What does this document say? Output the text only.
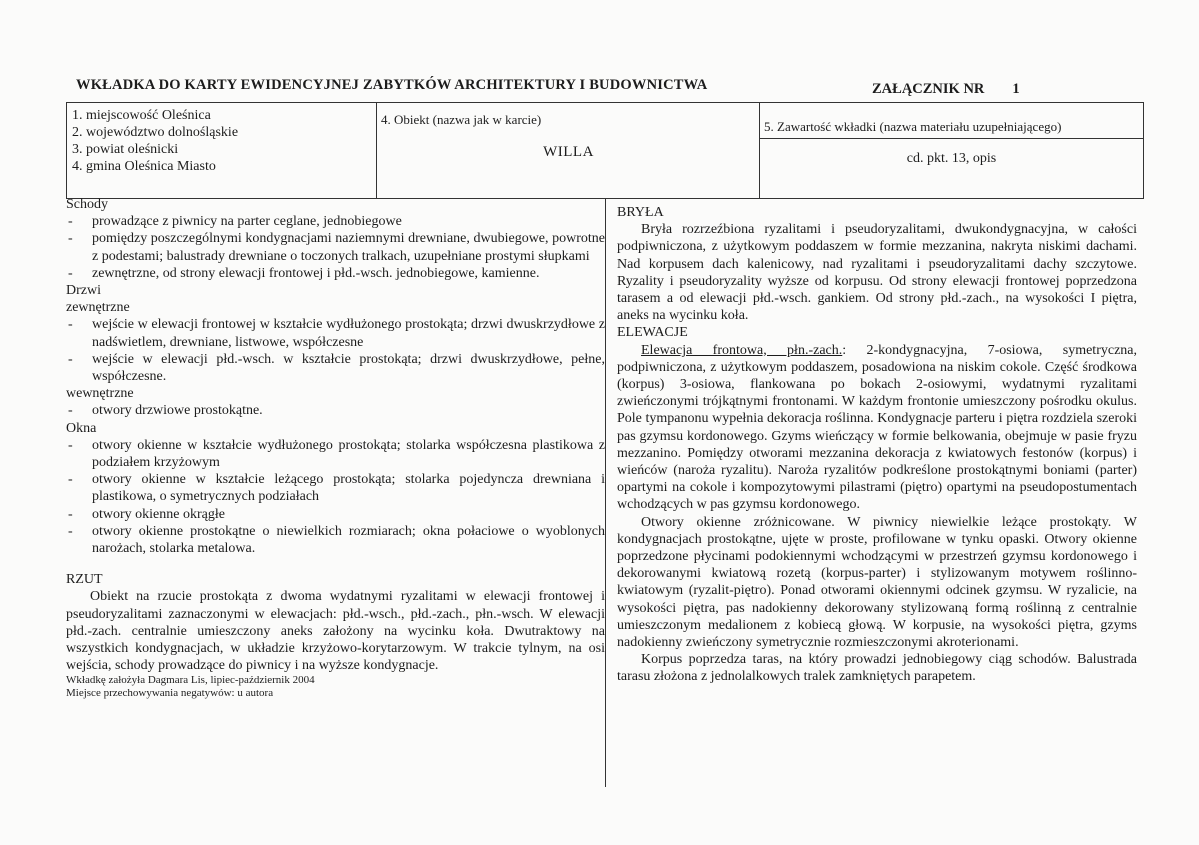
WKŁADKA DO KARTY EWIDENCYJNEJ ZABYTKÓW ARCHITEKTURY I BUDOWNICTWA	ZAŁĄCZNIK NR 1
1. miejscowość Oleśnica
2. województwo dolnośląskie
3. powiat oleśnicki
4. gmina Oleśnica Miasto
4. Obiekt (nazwa jak w karcie)
WILLA
5. Zawartość wkładki (nazwa materiału uzupełniającego)
cd. pkt. 13, opis
Schody
- prowadzące z piwnicy na parter ceglane, jednobiegowe
- pomiędzy poszczególnymi kondygnacjami naziemnymi drewniane, dwubiegowe, powrotne z podestami; balustrady drewniane o toczonych tralkach, uzupełniane prostymi słupkami
- zewnętrzne, od strony elewacji frontowej i płd.-wsch. jednobiegowe, kamienne.
Drzwi
zewnętrzne
- wejście w elewacji frontowej w kształcie wydłużonego prostokąta; drzwi dwuskrzydłowe z nadświetlem, drewniane, listwowe, współczesne
- wejście w elewacji płd.-wsch. w kształcie prostokąta; drzwi dwuskrzydłowe, pełne, współczesne.
wewnętrzne
- otwory drzwiowe prostokątne.
Okna
- otwory okienne w kształcie wydłużonego prostokąta; stolarka współczesna plastikowa z podziałem krzyżowym
- otwory okienne w kształcie leżącego prostokąta; stolarka pojedyncza drewniana i plastikowa, o symetrycznych podziałach
- otwory okienne okrągłe
- otwory okienne prostokątne o niewielkich rozmiarach; okna połaciowe o wyoblonych narożach, stolarka metalowa.
RZUT
Obiekt na rzucie prostokąta z dwoma wydatnymi ryzalitami w elewacji frontowej i pseudoryzalitami zaznaczonymi w elewacjach: płd.-wsch., płd.-zach., płn.-wsch. W elewacji płd.-zach. centralnie umieszczony aneks założony na wycinku koła. Dwutraktowy na wszystkich kondygnacjach, w układzie krzyżowo-korytarzowym. W trakcie tylnym, na osi wejścia, schody prowadzące do piwnicy i na wyższe kondygnacje.
Wkładkę założyła Dagmara Lis, lipiec-październik 2004
Miejsce przechowywania negatywów: u autora
BRYŁA
Bryła rozrzeźbiona ryzalitami i pseudoryzalitami, dwukondygnacyjna, w całości podpiwniczona, z użytkowym poddaszem w formie mezzanina, nakryta niskimi dachami. Nad korpusem dach kalenicowy, nad ryzalitami i pseudoryzalitami dachy szczytowe. Ryzality i pseudoryzality wyższe od korpusu. Od strony elewacji frontowej poprzedzona tarasem a od elewacji płd.-wsch. gankiem. Od strony płd.-zach., na wysokości I piętra, aneks na wycinku koła.
ELEWACJE
Elewacja frontowa, płn.-zach.: 2-kondygnacyjna, 7-osiowa, symetryczna, podpiwniczona, z użytkowym poddaszem, posadowiona na niskim cokole. Część środkowa (korpus) 3-osiowa, flankowana po bokach 2-osiowymi, wydatnymi ryzalitami zwieńczonymi trójkątnymi frontonami. W każdym frontonie umieszczony pośrodku okulus. Pole tympanonu wypełnia dekoracja roślinna. Kondygnacje parteru i piętra rozdziela szeroki pas gzymsu kordonowego. Gzyms wieńczący w formie belkowania, obejmuje w pasie fryzu mezzanino. Pomiędzy otworami mezzanina dekoracja z kwiatowych festonów (korpus) i wieńców (naroża ryzalitu). Naroża ryzalitów podkreślone prostokątnymi boniami (parter) opartymi na cokole i kompozytowymi pilastrami (piętro) opartymi na pseudopostumentach wchodzących w pas gzymsu kordonowego.
Otwory okienne zróżnicowane. W piwnicy niewielkie leżące prostokąty. W kondygnacjach prostokątne, ujęte w proste, profilowane w tynku opaski. Otwory okienne poprzedzone płycinami podokiennymi wchodzącymi w przestrzeń gzymsu kordonowego i dekorowanymi kwiatową rozetą (korpus-parter) i stylizowanym motywem roślinno-kwiatowym (ryzalit-piętro). Ponad otworami okiennymi odcinek gzymsu. W ryzalicie, na wysokości piętra, pas nadokienny dekorowany stylizowaną formą roślinną z centralnie umieszczonym medalionem z kobiecą głową. W korpusie, na wysokości piętra, gzyms nadokienny zwieńczony symetrycznie rozmieszczonymi akroterionami.
Korpus poprzedza taras, na który prowadzi jednobiegowy ciąg schodów. Balustrada tarasu złożona z jednolalkowych tralek zamkniętych parapetem.
